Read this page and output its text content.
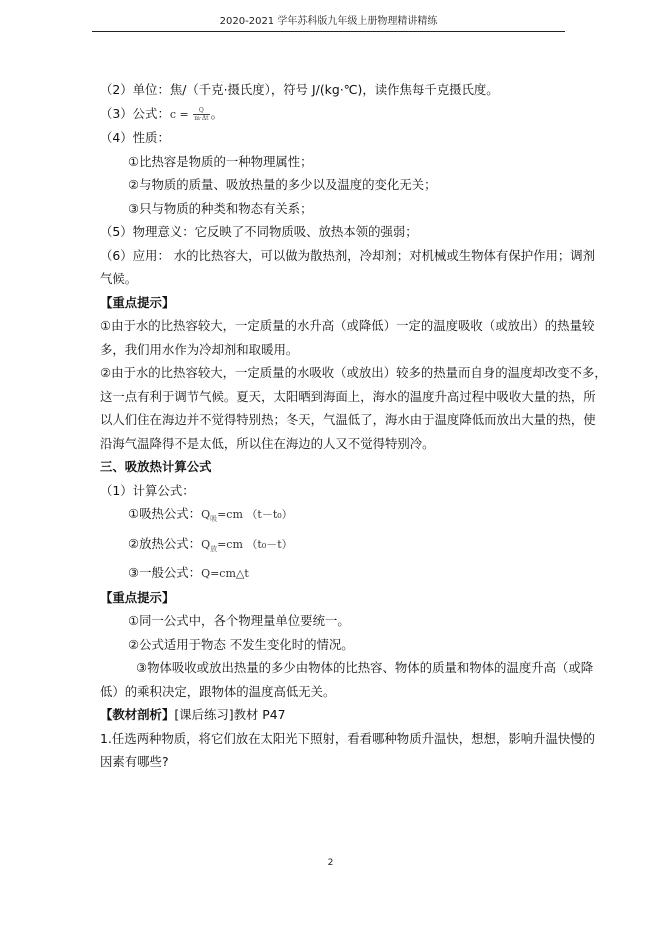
2020-2021 学年苏科版九年级上册物理精讲精练
（2）单位：焦/（千克·摄氏度），符号 J/(kg·℃)，读作焦每千克摄氏度。
（3）公式：$c = \frac{Q}{m\cdot\Delta t}$ 。
（4）性质：
①比热容是物质的一种物理属性；
②与物质的质量、吸放热量的多少以及温度的变化无关；
③只与物质的种类和物态有关系；
（5）物理意义：它反映了不同物质吸、放热本领的强弱；
（6）应用： 水的比热容大，可以做为散热剂，冷却剂；对机械或生物体有保护作用；调剂
气候。
【重点提示】
①由于水的比热容较大，一定质量的水升高（或降低）一定的温度吸收（或放出）的热量较
多，我们用水作为冷却剂和取暖用。
②由于水的比热容较大，一定质量的水吸收（或放出）较多的热量而自身的温度却改变不多，
这一点有利于调节气候。夏天，太阳晒到海面上，海水的温度升高过程中吸收大量的热，所
以人们住在海边并不觉得特别热；冬天，气温低了，海水由于温度降低而放出大量的热，使
沿海气温降得不是太低，所以住在海边的人又不觉得特别冷。
三、吸放热计算公式
（1）计算公式：
①吸热公式：$Q_吸=cm$ （t－t₀）
②放热公式：$Q_放=cm$ （t₀－t）
③一般公式：Q=cm△t
【重点提示】
①同一公式中，各个物理量单位要统一。
②公式适用于物态 不发生变化时的情况。
③物体吸收或放出热量的多少由物体的比热容、物体的质量和物体的温度升高（或降
低）的乘积决定，跟物体的温度高低无关。
【教材剖析】[课后练习]教材 P47
1.任选两种物质，将它们放在太阳光下照射，看看哪种物质升温快，想想，影响升温快慢的
因素有哪些?
2
